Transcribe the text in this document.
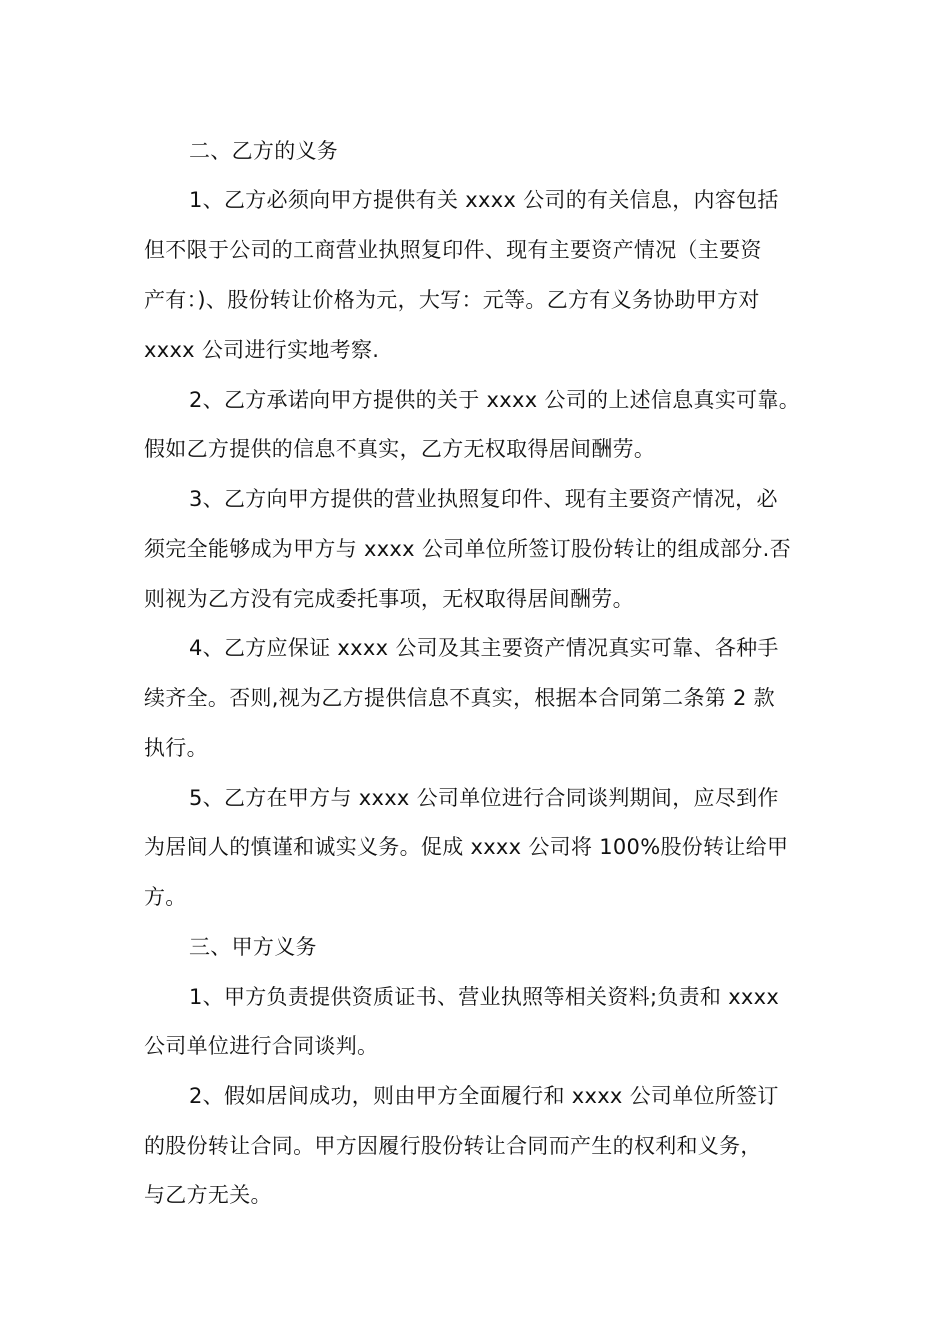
二、乙方的义务
1、乙方必须向甲方提供有关 xxxx 公司的有关信息，内容包括
但不限于公司的工商营业执照复印件、现有主要资产情况（主要资
产有：)、股份转让价格为元，大写：元等。乙方有义务协助甲方对
xxxx 公司进行实地考察.
2、乙方承诺向甲方提供的关于 xxxx 公司的上述信息真实可靠。
假如乙方提供的信息不真实，乙方无权取得居间酬劳。
3、乙方向甲方提供的营业执照复印件、现有主要资产情况，必
须完全能够成为甲方与 xxxx 公司单位所签订股份转让的组成部分.否
则视为乙方没有完成委托事项，无权取得居间酬劳。
4、乙方应保证 xxxx 公司及其主要资产情况真实可靠、各种手
续齐全。否则,视为乙方提供信息不真实，根据本合同第二条第 2 款
执行。
5、乙方在甲方与 xxxx 公司单位进行合同谈判期间，应尽到作
为居间人的慎谨和诚实义务。促成 xxxx 公司将 100%股份转让给甲
方。
三、甲方义务
1、甲方负责提供资质证书、营业执照等相关资料;负责和 xxxx
公司单位进行合同谈判。
2、假如居间成功，则由甲方全面履行和 xxxx 公司单位所签订
的股份转让合同。甲方因履行股份转让合同而产生的权利和义务，
与乙方无关。
